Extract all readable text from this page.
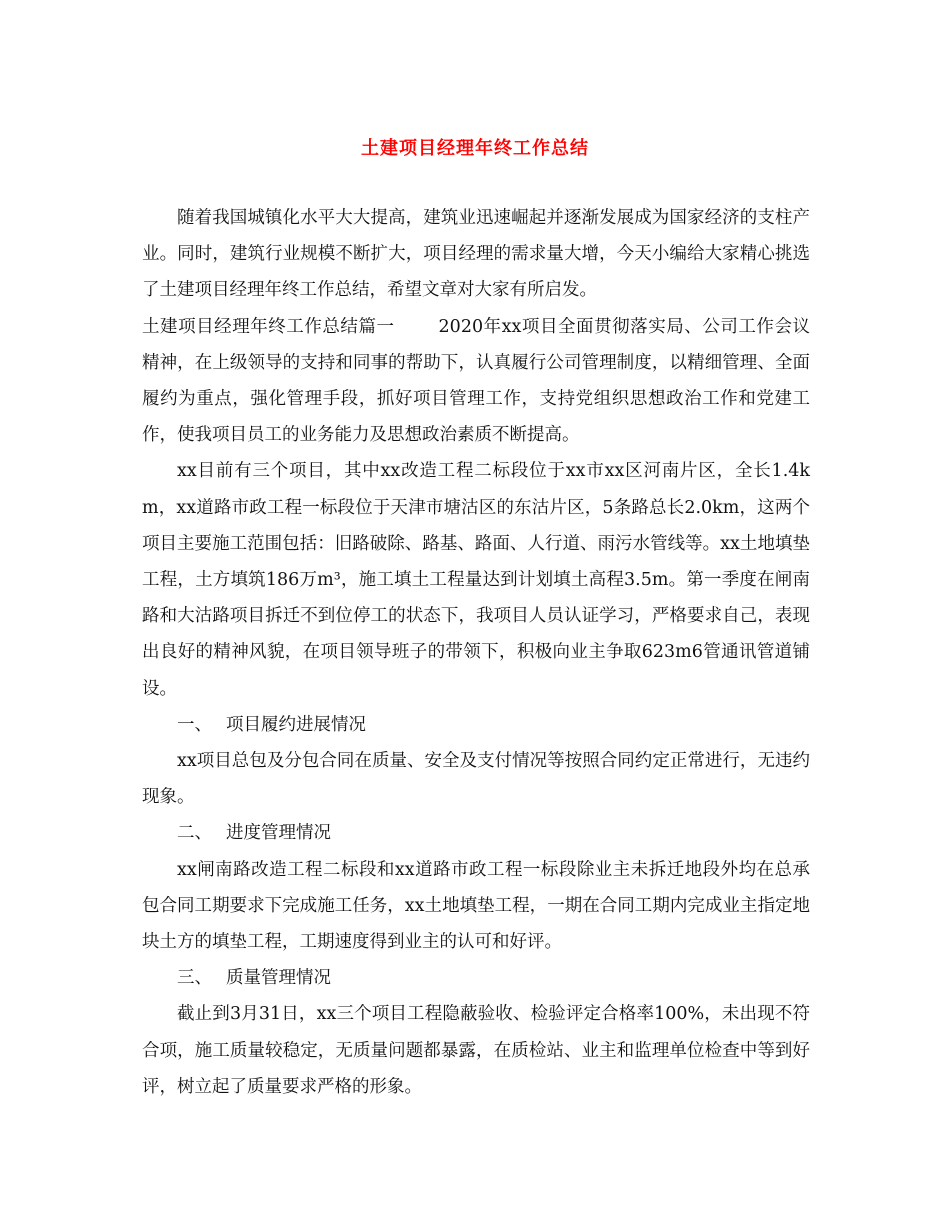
土建项目经理年终工作总结

随着我国城镇化水平大大提高，建筑业迅速崛起并逐渐发展成为国家经济的支柱产业。同时，建筑行业规模不断扩大，项目经理的需求量大增，今天小编给大家精心挑选了土建项目经理年终工作总结，希望文章对大家有所启发。

土建项目经理年终工作总结篇一	2020年xx项目全面贯彻落实局、公司工作会议精神，在上级领导的支持和同事的帮助下，认真履行公司管理制度，以精细管理、全面履约为重点，强化管理手段，抓好项目管理工作，支持党组织思想政治工作和党建工作，使我项目员工的业务能力及思想政治素质不断提高。

xx目前有三个项目，其中xx改造工程二标段位于xx市xx区河南片区，全长1.4km，xx道路市政工程一标段位于天津市塘沽区的东沽片区，5条路总长2.0km，这两个项目主要施工范围包括：旧路破除、路基、路面、人行道、雨污水管线等。xx土地填垫工程，土方填筑186万m³，施工填土工程量达到计划填土高程3.5m。第一季度在闸南路和大沽路项目拆迁不到位停工的状态下，我项目人员认证学习，严格要求自己，表现出良好的精神风貌，在项目领导班子的带领下，积极向业主争取623m6管通讯管道铺设。

一、 项目履约进展情况

xx项目总包及分包合同在质量、安全及支付情况等按照合同约定正常进行，无违约现象。

二、 进度管理情况

xx闸南路改造工程二标段和xx道路市政工程一标段除业主未拆迁地段外均在总承包合同工期要求下完成施工任务，xx土地填垫工程，一期在合同工期内完成业主指定地块土方的填垫工程，工期速度得到业主的认可和好评。

三、 质量管理情况

截止到3月31日，xx三个项目工程隐蔽验收、检验评定合格率100%，未出现不符合项，施工质量较稳定，无质量问题都暴露，在质检站、业主和监理单位检查中等到好评，树立起了质量要求严格的形象。
